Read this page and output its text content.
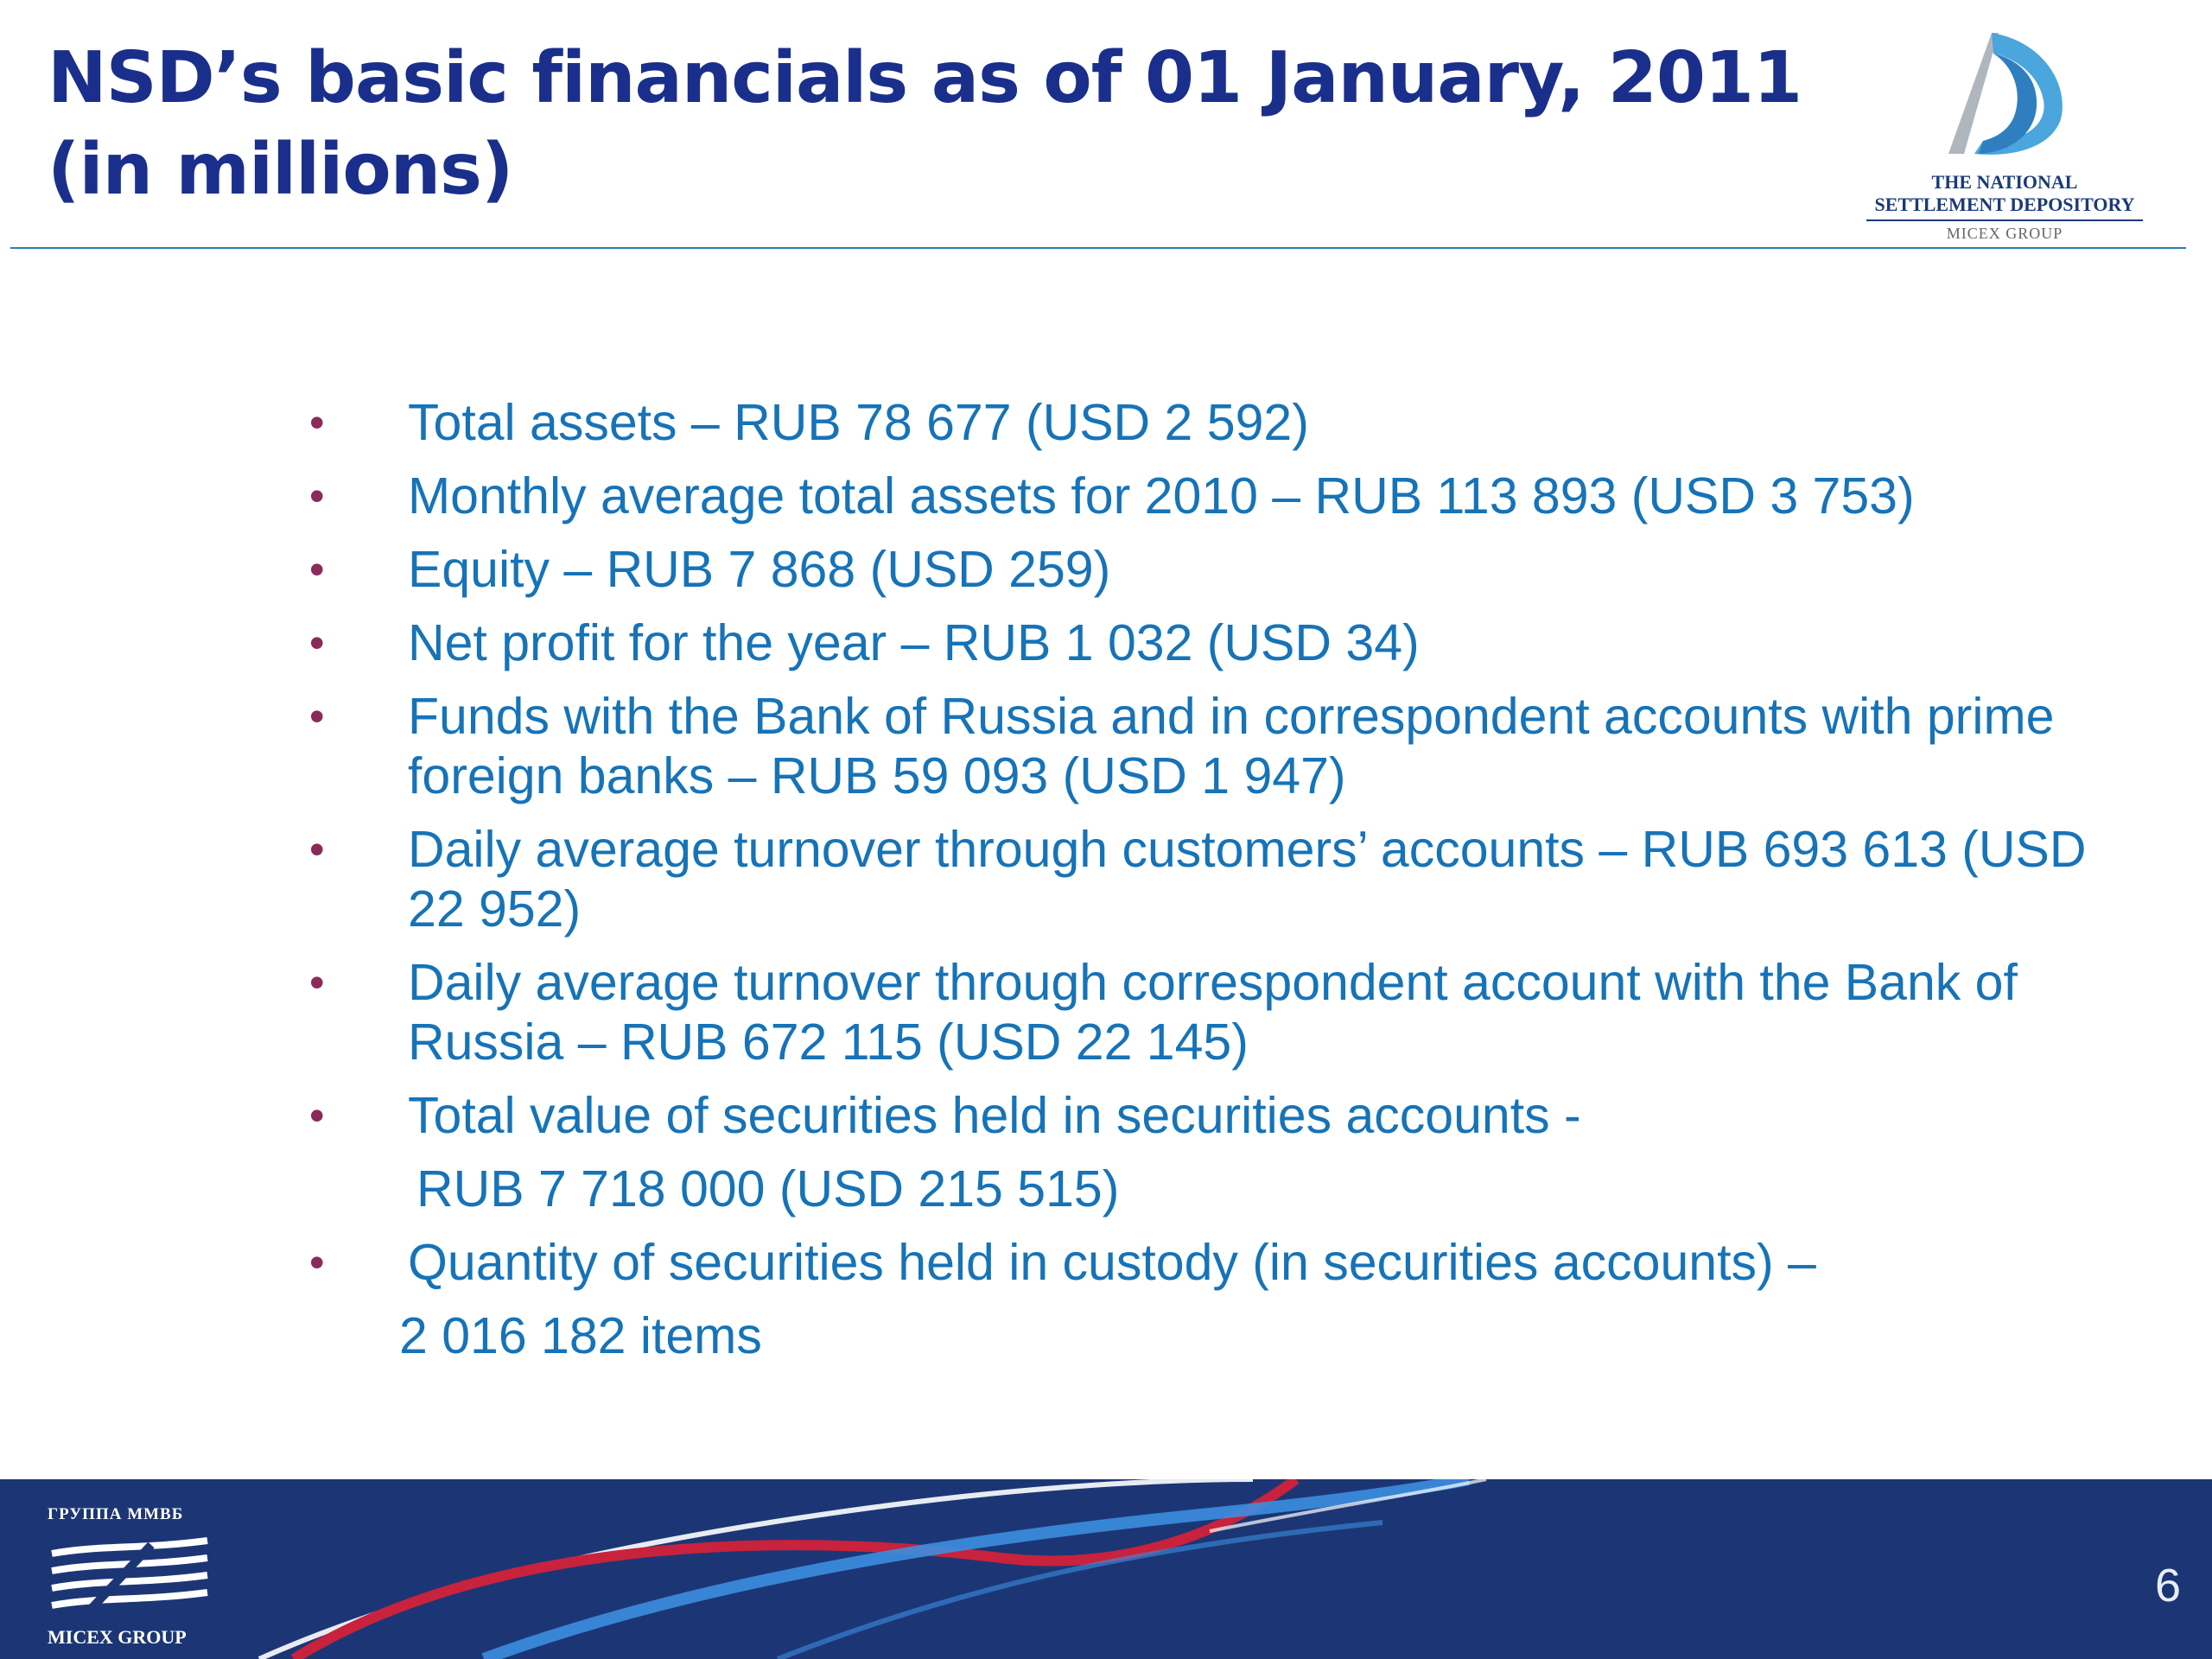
NSD’s basic financials as of 01 January, 2011
(in millions)	THE NATIONAL
SETTLEMENT DEPOSITORY
MICEX GROUP
• Total assets – RUB 78 677 (USD 2 592)
• Monthly average total assets for 2010 – RUB 113 893 (USD 3 753)
• Equity – RUB 7 868 (USD 259)
• Net profit for the year – RUB 1 032 (USD 34)
• Funds with the Bank of Russia and in correspondent accounts with prime foreign banks – RUB 59 093 (USD 1 947)
• Daily average turnover through customers’ accounts – RUB 693 613 (USD 22 952)
• Daily average turnover through correspondent account with the Bank of Russia – RUB 672 115 (USD 22 145)
• Total value of securities held in securities accounts -
RUB 7 718 000 (USD 215 515)
• Quantity of securities held in custody (in securities accounts) –
2 016 182 items
ГРУППА ММВБ
MICEX GROUP
6
